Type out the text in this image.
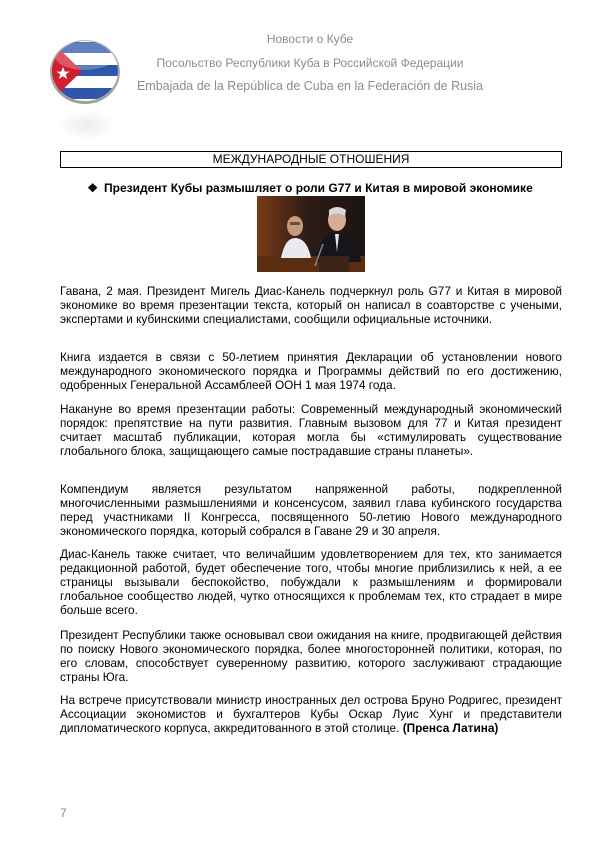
Новости о Кубе
Посольство Республики Куба в Российской Федерации
Embajada de la República de Cuba en la Federación de Rusia
МЕЖДУНАРОДНЫЕ ОТНОШЕНИЯ
❖ Президент Кубы размышляет о роли G77 и Китая в мировой экономике

Гавана, 2 мая. Президент Мигель Диас-Канель подчеркнул роль G77 и Китая в мировой экономике во время презентации текста, который он написал в соавторстве с учеными, экспертами и кубинскими специалистами, сообщили официальные источники.

Книга издается в связи с 50-летием принятия Декларации об установлении нового международного экономического порядка и Программы действий по его достижению, одобренных Генеральной Ассамблеей ООН 1 мая 1974 года.

Накануне во время презентации работы: Современный международный экономический порядок: препятствие на пути развития. Главным вызовом для 77 и Китая президент считает масштаб публикации, которая могла бы «стимулировать существование глобального блока, защищающего самые пострадавшие страны планеты».

Компендиум является результатом напряженной работы, подкрепленной многочисленными размышлениями и консенсусом, заявил глава кубинского государства перед участниками II Конгресса, посвященного 50-летию Нового международного экономического порядка, который собрался в Гаване 29 и 30 апреля.

Диас-Канель также считает, что величайшим удовлетворением для тех, кто занимается редакционной работой, будет обеспечение того, чтобы многие приблизились к ней, а ее страницы вызывали беспокойство, побуждали к размышлениям и формировали глобальное сообщество людей, чутко относящихся к проблемам тех, кто страдает в мире больше всего.

Президент Республики также основывал свои ожидания на книге, продвигающей действия по поиску Нового экономического порядка, более многосторонней политики, которая, по его словам, способствует суверенному развитию, которого заслуживают страдающие страны Юга.

На встрече присутствовали министр иностранных дел острова Бруно Родригес, президент Ассоциации экономистов и бухгалтеров Кубы Оскар Луис Хунг и представители дипломатического корпуса, аккредитованного в этой столице. (Пренса Латина)

7
